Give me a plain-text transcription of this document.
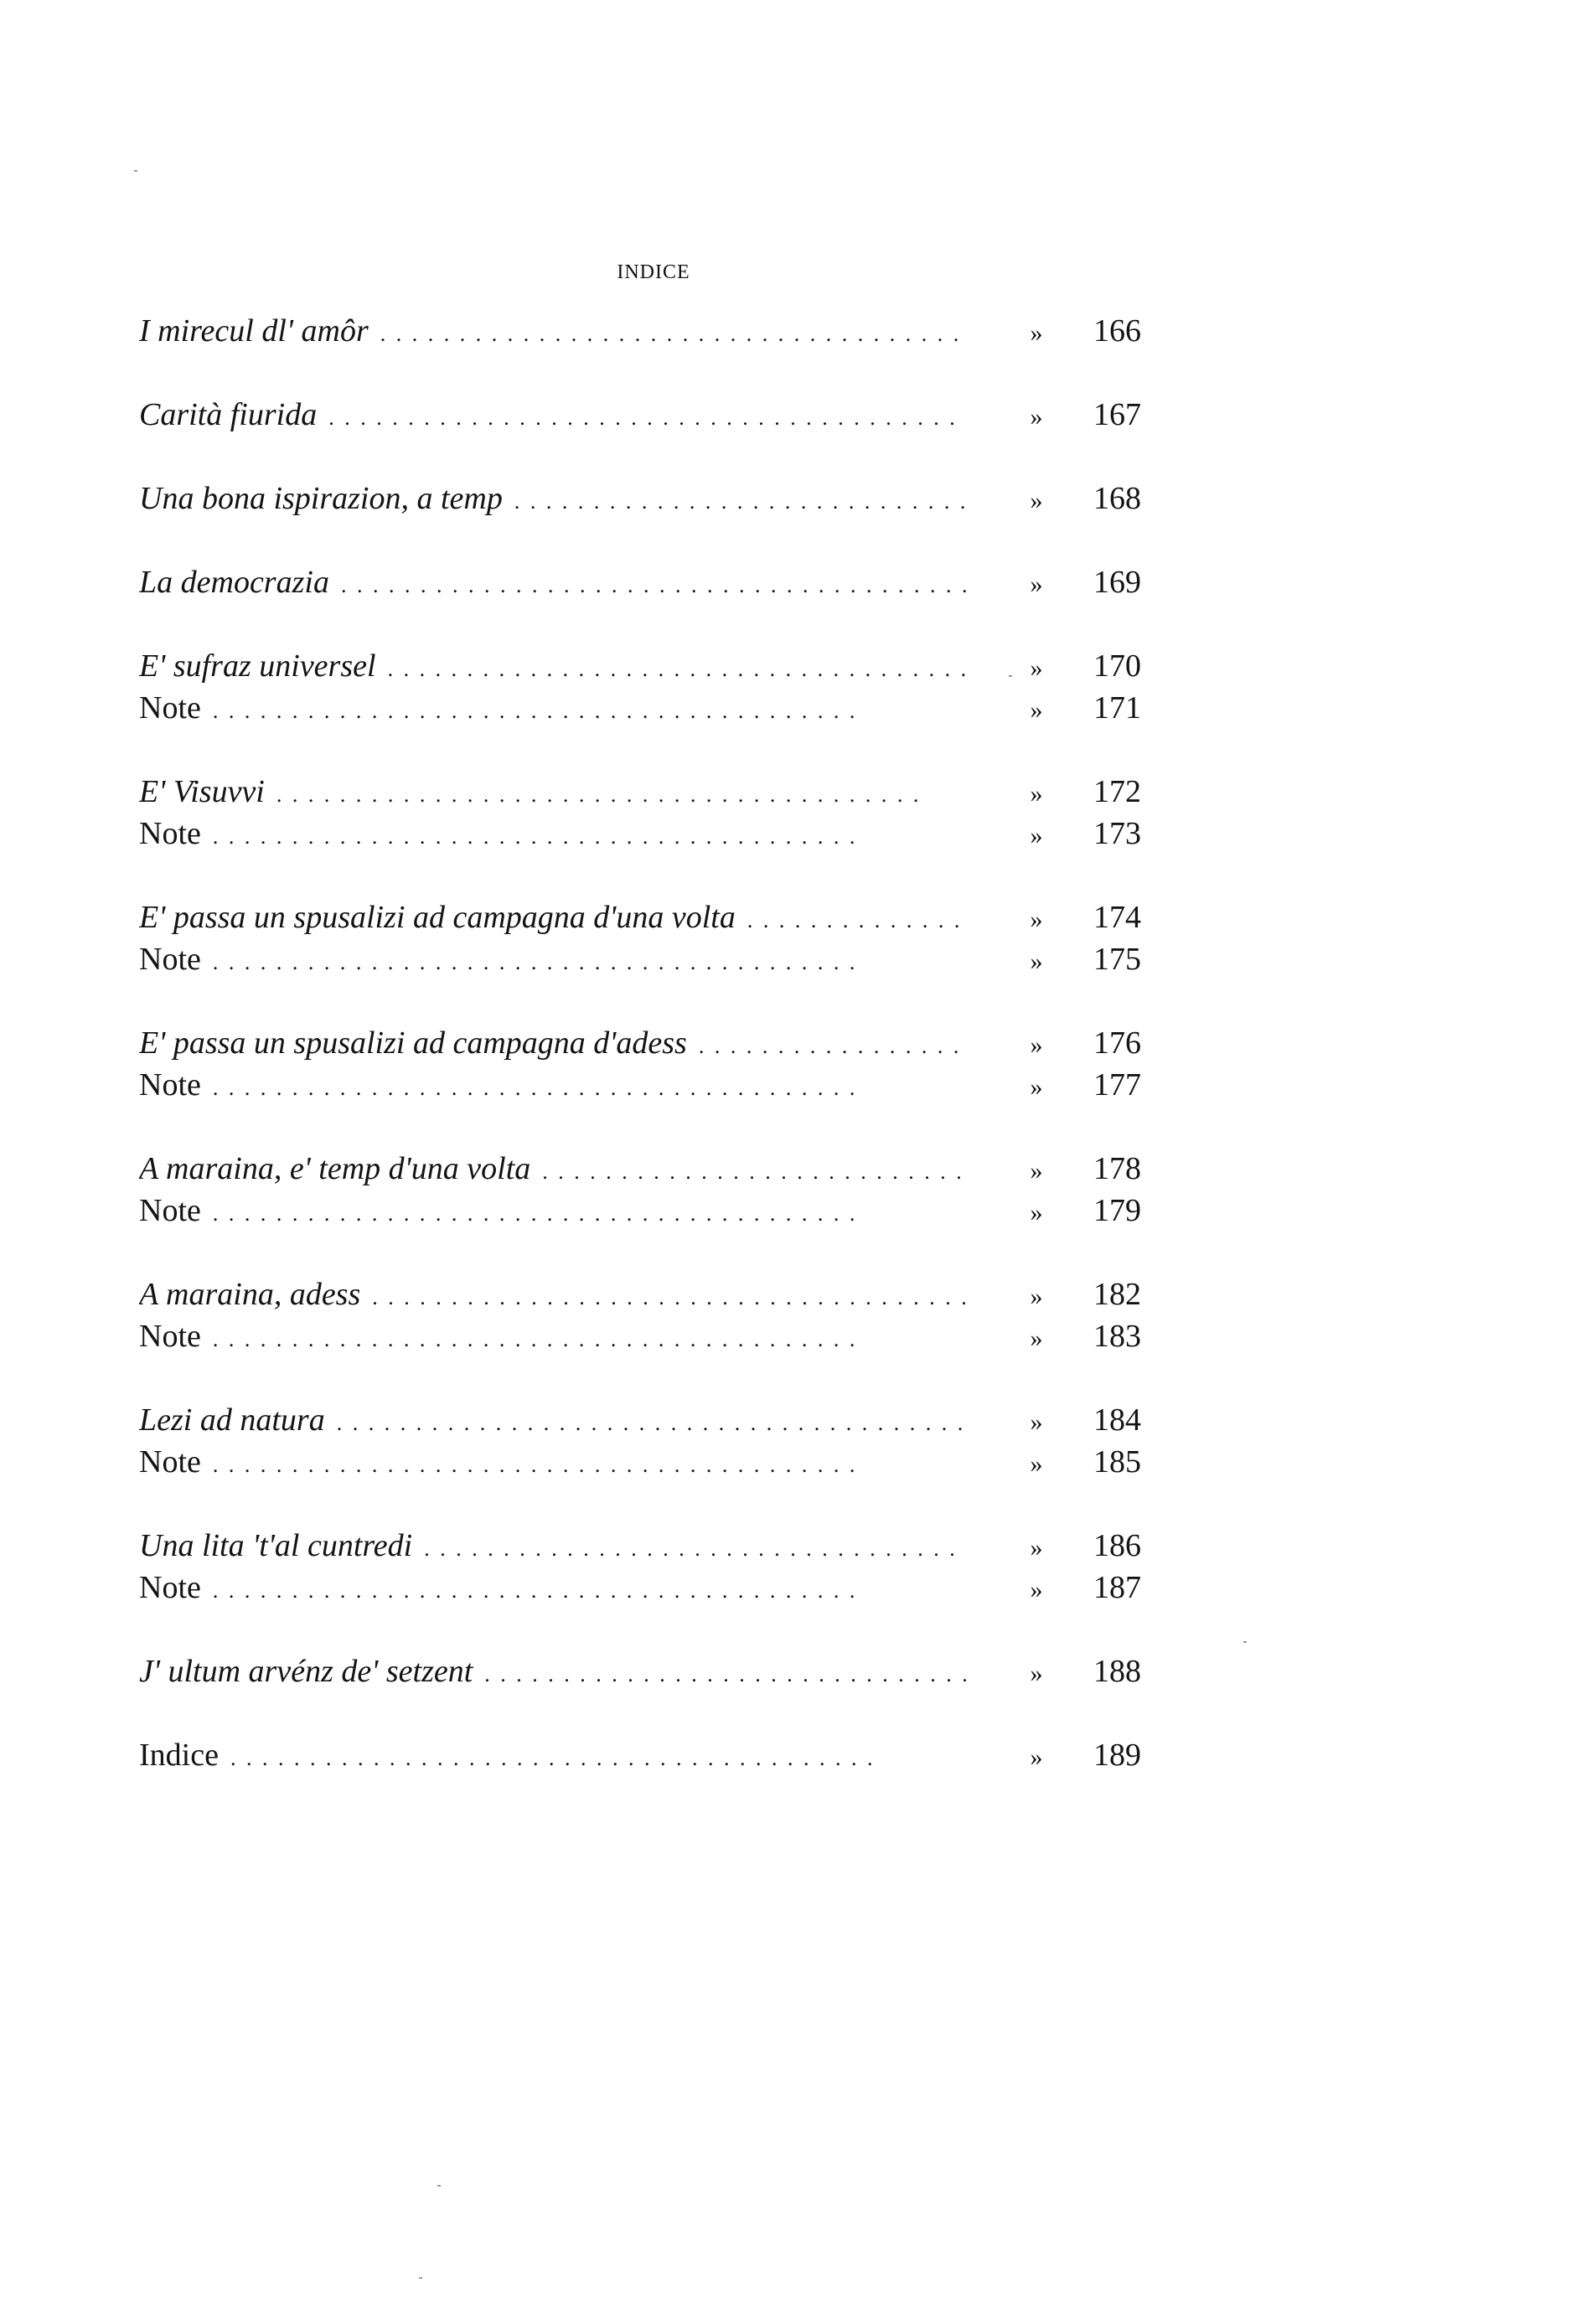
INDICE
I mirecul dl' amôr . . .	»	166
Carità fiurida . . .	»	167
Una bona ispirazion, a temp . . .	»	168
La democrazia . . .	»	169
E' sufraz universel . . .	»	170
Note . . .	»	171
E' Visuvvi . . .	»	172
Note . . .	»	173
E' passa un spusalizi ad campagna d'una volta . . .	»	174
Note . . .	»	175
E' passa un spusalizi ad campagna d'adess . . .	»	176
Note . . .	»	177
A maraina, e' temp d'una volta . . .	»	178
Note . . .	»	179
A maraina, adess . . .	»	182
Note . . .	»	183
Lezi ad natura . . .	»	184
Note . . .	»	185
Una lita 't'al cuntredi . . .	»	186
Note . . .	»	187
J' ultum arvénz de' setzent . . .	»	188
Indice . . .	»	189
